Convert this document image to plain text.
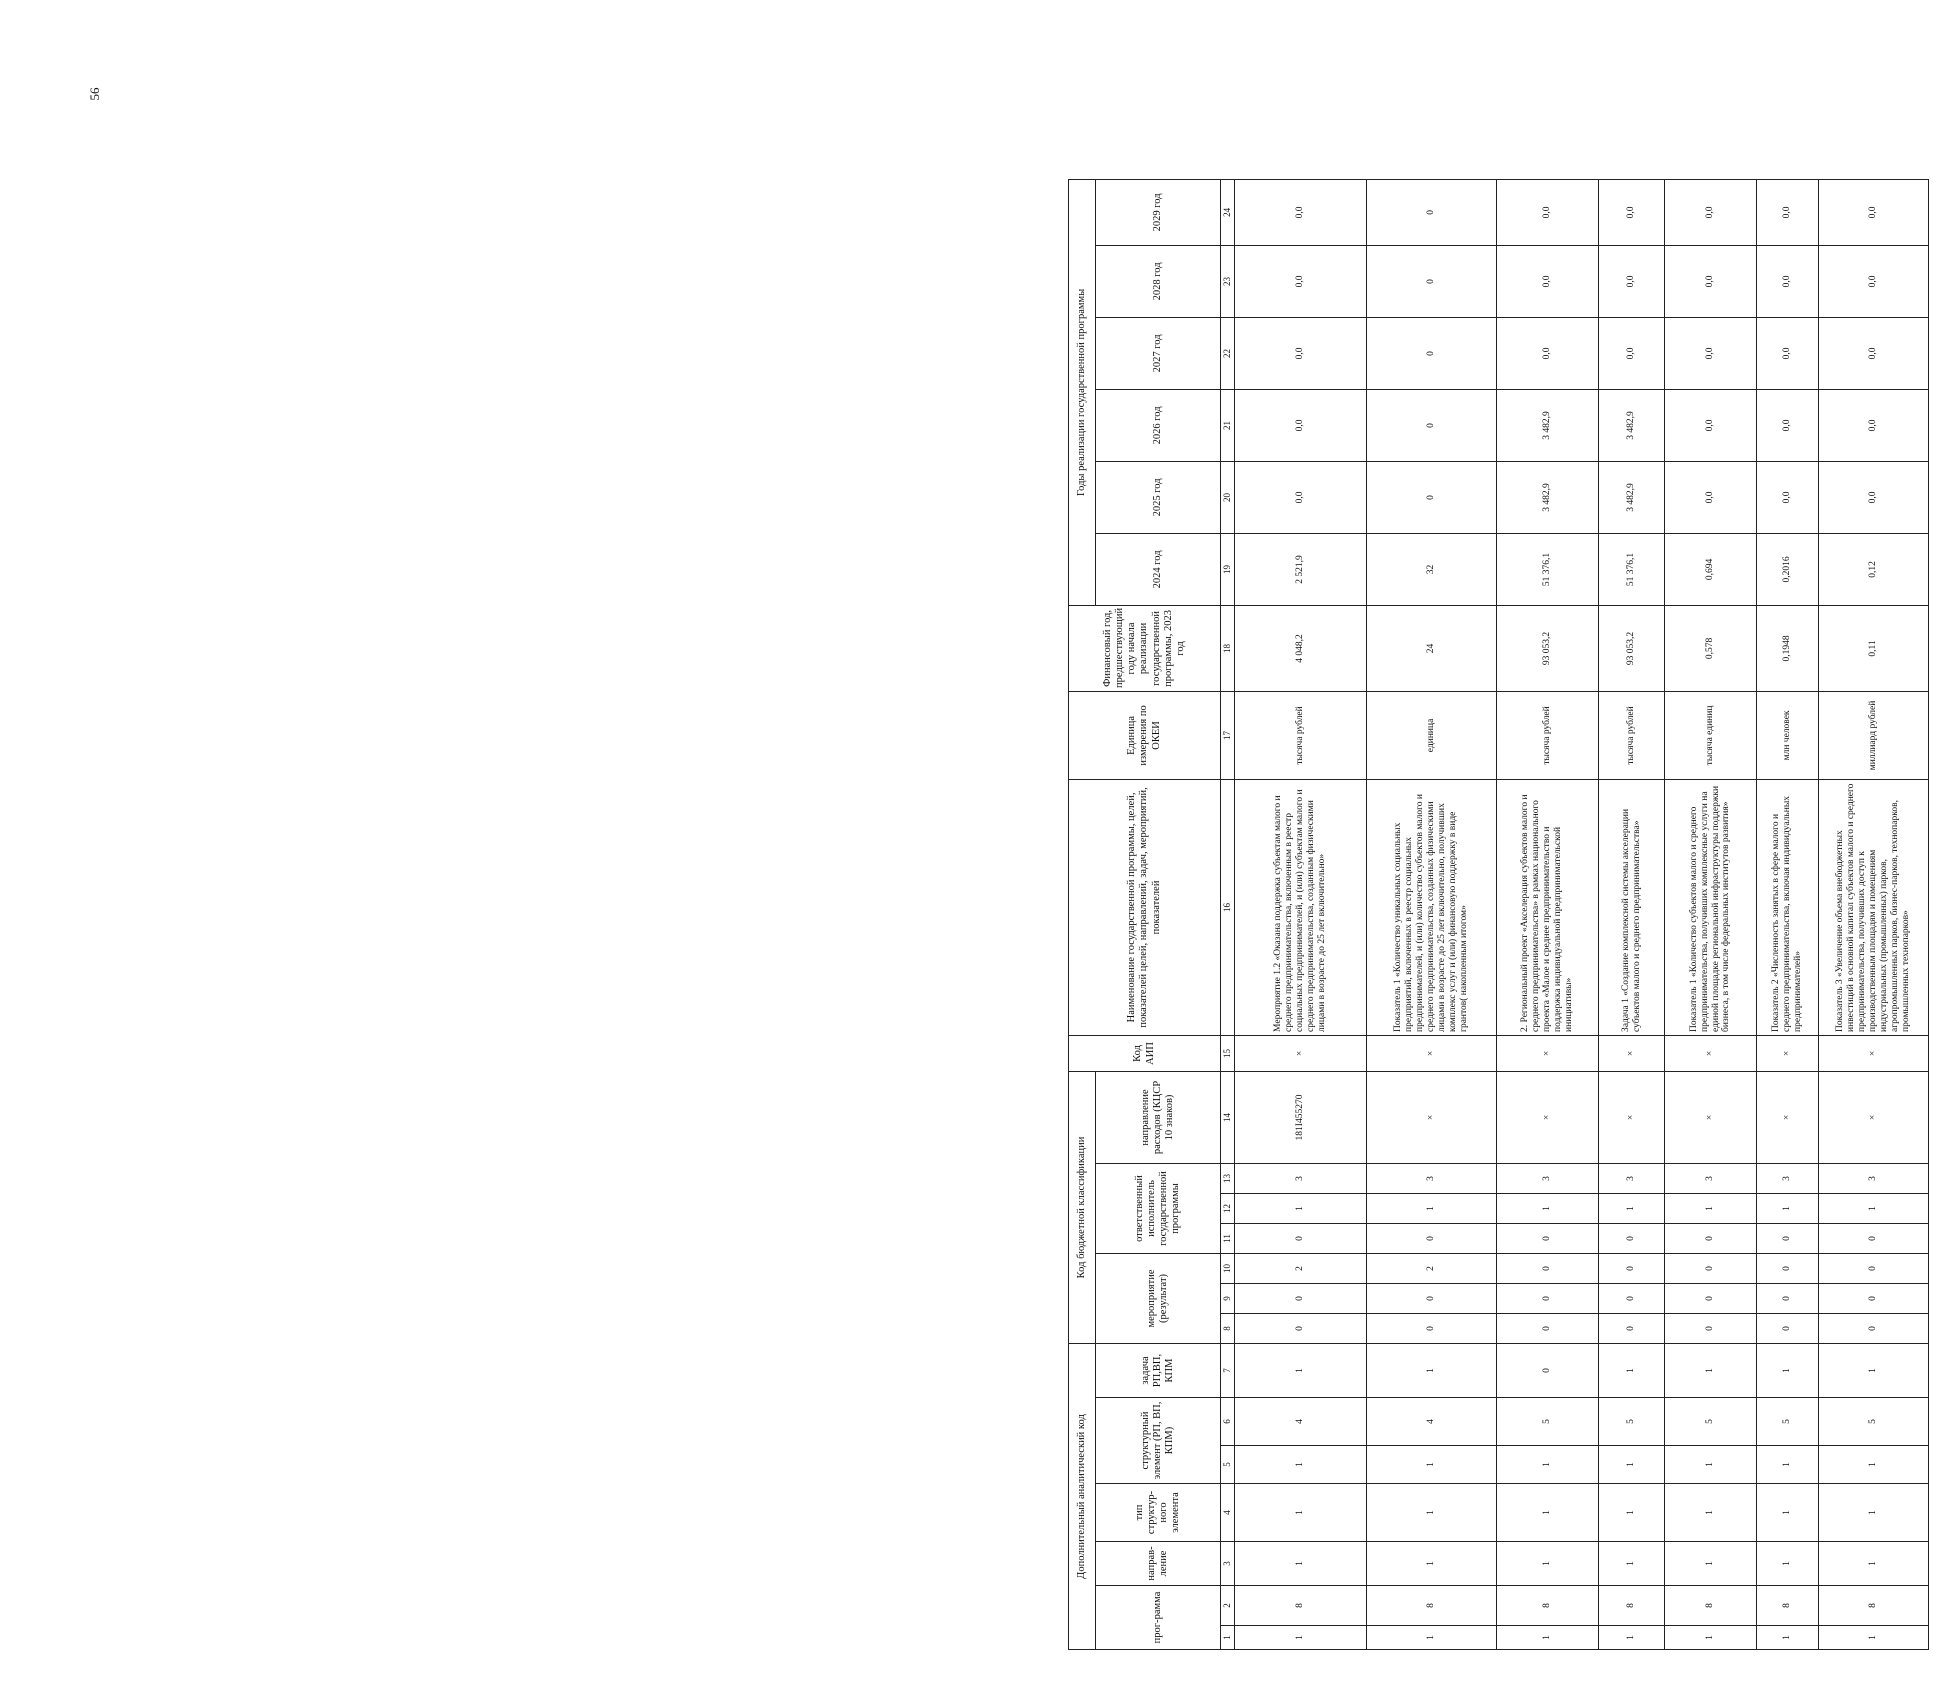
56
Дополнительный аналитический код							Код бюджетной классификации							Код АИП	Наименование государственной программы, целей, показателей целей, направлений, задач, мероприятий, показателей	Единица измерения по ОКЕИ	Финансовый год, предшествующий году начала реализации государственной программы, 2023 год	Годы реализации государственной программы					
прог-рамма		направ-ление	тип структур-ного элемента	структурный элемент (РП, ВП, КПМ)		задача РП,ВП, КПМ	мероприятие (результат)			ответственный исполнитель государственной программы			направление расходов (КЦСР 10 знаков)					2024 год	2025 год	2026 год	2027 год	2028 год	2029 год
1	2	3	4	5	6	7	8	9	10	11	12	13	14	15	16	17	18	19	20	21	22	23	24
1	8	1	1	1	4	1	0	0	2	0	1	3	181I455270	×	Мероприятие 1.2 «Оказана поддержка субъектам малого и среднего предпринимательства, включенным в реестр социальных предпринимателей, и (или) субъектам малого и среднего предпринимательства, созданным физическими лицами в возрасте до 25 лет включительно»	тысяча рублей	4 048,2	2 521,9	0,0	0,0	0,0	0,0	0,0
1	8	1	1	1	4	1	0	0	2	0	1	3	×	×	Показатель 1 «Количество уникальных социальных предприятий, включенных в реестр социальных предпринимателей, и (или) количество субъектов малого и среднего предпринимательства, созданных физическими лицами в возрасте до 25 лет включительно, получивших комплекс услуг и (или) финансовую поддержку в виде грантов( накопленным итогом»	единица	24	32	0	0	0	0	0
1	8	1	1	1	5	0	0	0	0	0	1	3	×	×	2. Региональный проект «Акселерация субъектов малого и среднего предпринимательства» в рамках национального проекта «Малое и среднее предпринимательство и поддержка индивидуальной предпринимательской инициативы»	тысяча рублей	93 053,2	51 376,1	3 482,9	3 482,9	0,0	0,0	0,0
1	8	1	1	1	5	1	0	0	0	0	1	3	×	×	Задача 1 «Создание комплексной системы акселерации субъектов малого и среднего предпринимательства»	тысяча рублей	93 053,2	51 376,1	3 482,9	3 482,9	0,0	0,0	0,0
1	8	1	1	1	5	1	0	0	0	0	1	3	×	×	Показатель 1 «Количество субъектов малого и среднего предпринимательства, получивших комплексные услуги на единой площадке региональной инфраструктуры поддержки бизнеса, в том числе федеральных институтов развития»	тысяча единиц	0,578	0,694	0,0	0,0	0,0	0,0	0,0
1	8	1	1	1	5	1	0	0	0	0	1	3	×	×	Показатель 2 «Численность занятых в сфере малого и среднего предпринимательства, включая индивидуальных предпринимателей»	млн человек	0,1948	0,2016	0,0	0,0	0,0	0,0	0,0
1	8	1	1	1	5	1	0	0	0	0	1	3	×	×	Показатель 3 «Увеличение объема внебюджетных инвестиций в основной капитал субъектов малого и среднего предпринимательства, получивших доступ к производственным площадям и помещениям индустриальных (промышленных) парков, агропромышленных парков, бизнес-парков, технопарков, промышленных технопарков»	миллиард рублей	0,11	0,12	0,0	0,0	0,0	0,0	0,0
